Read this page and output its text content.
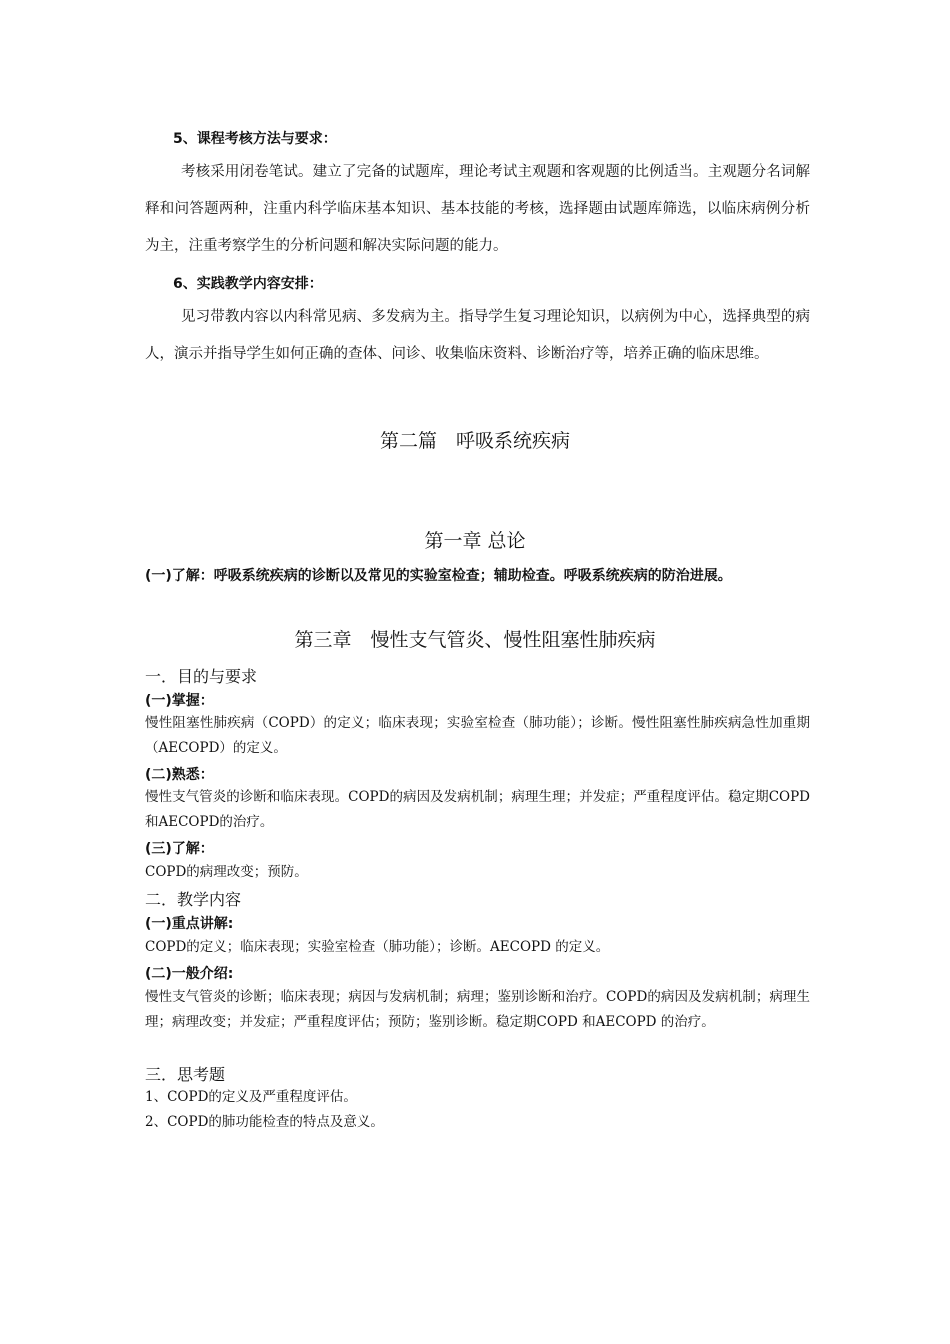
5、课程考核方法与要求：
考核采用闭卷笔试。建立了完备的试题库，理论考试主观题和客观题的比例适当。主观题分名词解释和问答题两种，注重内科学临床基本知识、基本技能的考核，选择题由试题库筛选，以临床病例分析为主，注重考察学生的分析问题和解决实际问题的能力。
6、实践教学内容安排：
见习带教内容以内科常见病、多发病为主。指导学生复习理论知识，以病例为中心，选择典型的病人，演示并指导学生如何正确的查体、问诊、收集临床资料、诊断治疗等，培养正确的临床思维。
第二篇　呼吸系统疾病
第一章 总论
(一)了解：呼吸系统疾病的诊断以及常见的实验室检查；辅助检查。呼吸系统疾病的防治进展。
第三章　慢性支气管炎、慢性阻塞性肺疾病
一．目的与要求
(一)掌握：
慢性阻塞性肺疾病（COPD）的定义；临床表现；实验室检查（肺功能）；诊断。慢性阻塞性肺疾病急性加重期（AECOPD）的定义。
(二)熟悉：
慢性支气管炎的诊断和临床表现。COPD的病因及发病机制；病理生理；并发症；严重程度评估。稳定期COPD和AECOPD的治疗。
(三)了解：
COPD的病理改变；预防。
二．教学内容
(一)重点讲解:
COPD的定义；临床表现；实验室检查（肺功能）；诊断。AECOPD 的定义。
(二)一般介绍:
慢性支气管炎的诊断；临床表现；病因与发病机制；病理；鉴别诊断和治疗。COPD的病因及发病机制；病理生理；病理改变；并发症；严重程度评估；预防；鉴别诊断。稳定期COPD 和AECOPD 的治疗。
三．思考题
1、COPD的定义及严重程度评估。
2、COPD的肺功能检查的特点及意义。
